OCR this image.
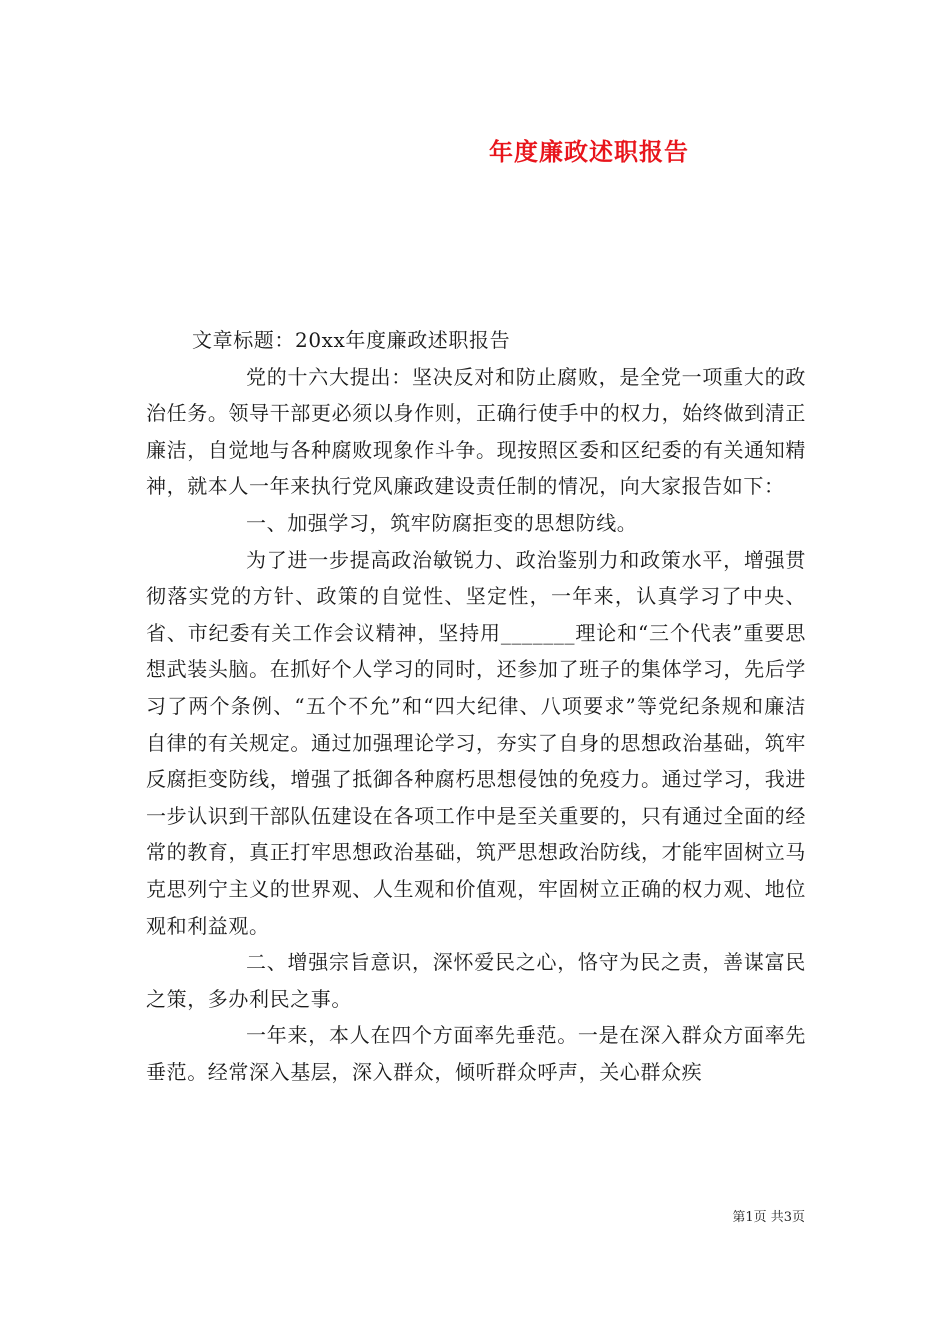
年度廉政述职报告

文章标题：20xx年度廉政述职报告

党的十六大提出：坚决反对和防止腐败，是全党一项重大的政治任务。领导干部更必须以身作则，正确行使手中的权力，始终做到清正廉洁，自觉地与各种腐败现象作斗争。现按照区委和区纪委的有关通知精神，就本人一年来执行党风廉政建设责任制的情况，向大家报告如下：

一、加强学习，筑牢防腐拒变的思想防线。

为了进一步提高政治敏锐力、政治鉴别力和政策水平，增强贯彻落实党的方针、政策的自觉性、坚定性，一年来，认真学习了中央、省、市纪委有关工作会议精神，坚持用_______理论和“三个代表”重要思想武装头脑。在抓好个人学习的同时，还参加了班子的集体学习，先后学习了两个条例、“五个不允”和“四大纪律、八项要求”等党纪条规和廉洁自律的有关规定。通过加强理论学习，夯实了自身的思想政治基础，筑牢反腐拒变防线，增强了抵御各种腐朽思想侵蚀的免疫力。通过学习，我进一步认识到干部队伍建设在各项工作中是至关重要的，只有通过全面的经常的教育，真正打牢思想政治基础，筑严思想政治防线，才能牢固树立马克思列宁主义的世界观、人生观和价值观，牢固树立正确的权力观、地位观和利益观。

二、增强宗旨意识，深怀爱民之心，恪守为民之责，善谋富民之策，多办利民之事。

一年来，本人在四个方面率先垂范。一是在深入群众方面率先垂范。经常深入基层，深入群众，倾听群众呼声，关心群众疾

第1页 共3页
